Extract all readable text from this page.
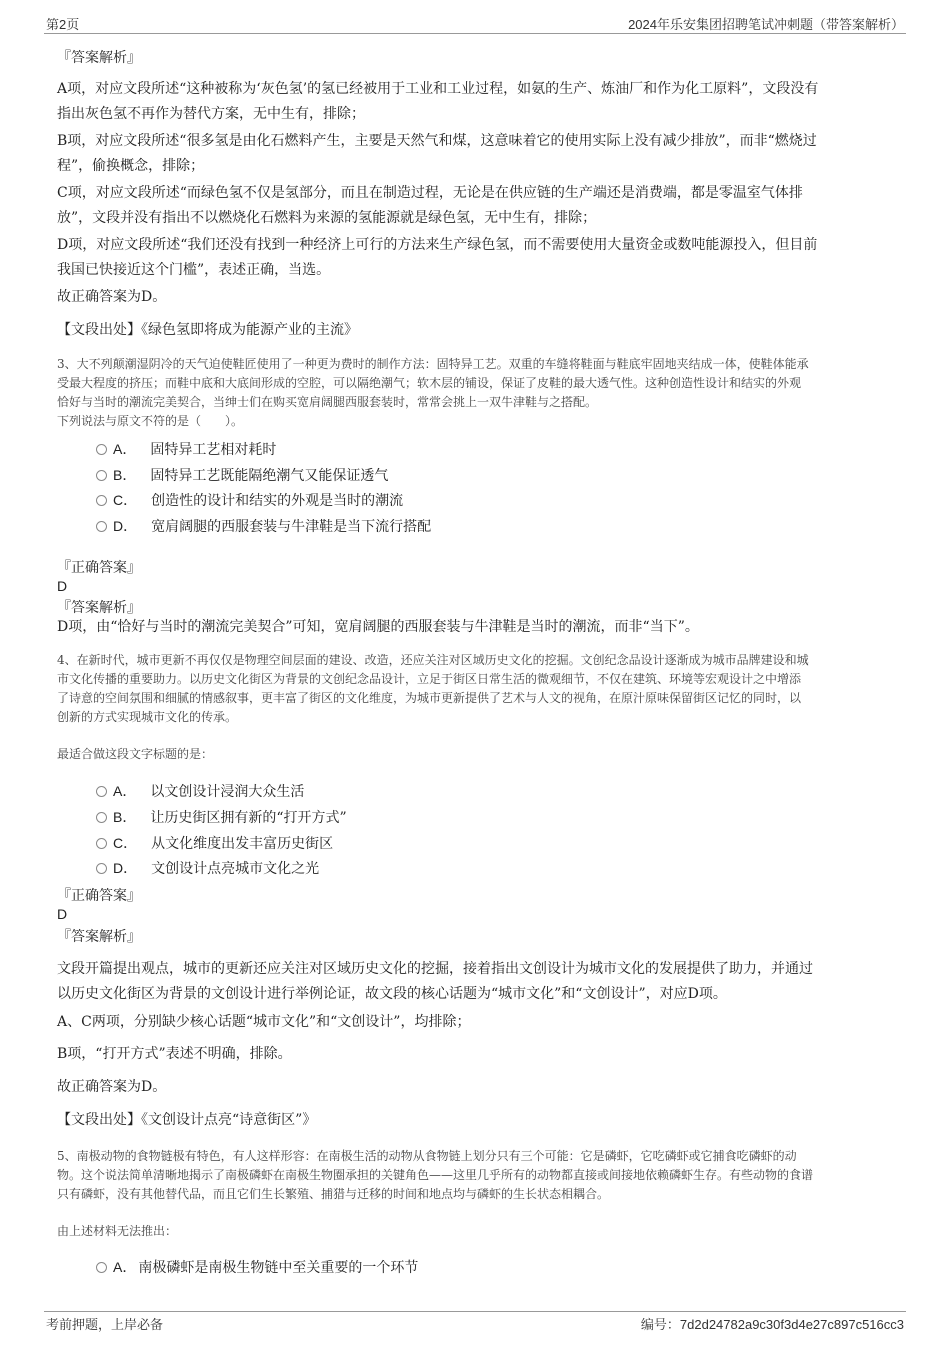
第2页	2024年乐安集团招聘笔试冲刺题（带答案解析）
『答案解析』
A项，对应文段所述“这种被称为‘灰色氢’的氢已经被用于工业和工业过程，如氨的生产、炼油厂和作为化工原料”，文段没有
指出灰色氢不再作为替代方案，无中生有，排除；
B项，对应文段所述“很多氢是由化石燃料产生，主要是天然气和煤，这意味着它的使用实际上没有减少排放”，而非“燃烧过
程”，偷换概念，排除；
C项，对应文段所述“而绿色氢不仅是氢部分，而且在制造过程，无论是在供应链的生产端还是消费端，都是零温室气体排
放”，文段并没有指出不以燃烧化石燃料为来源的氢能源就是绿色氢，无中生有，排除；
D项，对应文段所述“我们还没有找到一种经济上可行的方法来生产绿色氢，而不需要使用大量资金或数吨能源投入，但目前
我国已快接近这个门槛”，表述正确，当选。
故正确答案为D。
【文段出处】《绿色氢即将成为能源产业的主流》
3、大不列颠潮湿阴冷的天气迫使鞋匠使用了一种更为费时的制作方法：固特异工艺。双重的车缝将鞋面与鞋底牢固地夹结成一体，使鞋体能承
受最大程度的挤压；而鞋中底和大底间形成的空腔，可以隔绝潮气；软木层的铺设，保证了皮鞋的最大透气性。这种创造性设计和结实的外观
恰好与当时的潮流完美契合，当绅士们在购买宽肩阔腿西服套装时，常常会挑上一双牛津鞋与之搭配。
下列说法与原文不符的是（　　）。
A． 固特异工艺相对耗时
B． 固特异工艺既能隔绝潮气又能保证透气
C． 创造性的设计和结实的外观是当时的潮流
D． 宽肩阔腿的西服套装与牛津鞋是当下流行搭配
『正确答案』
D
『答案解析』
D项，由“恰好与当时的潮流完美契合”可知，宽肩阔腿的西服套装与牛津鞋是当时的潮流，而非“当下”。
4、在新时代，城市更新不再仅仅是物理空间层面的建设、改造，还应关注对区域历史文化的挖掘。文创纪念品设计逐渐成为城市品牌建设和城
市文化传播的重要助力。以历史文化街区为背景的文创纪念品设计，立足于街区日常生活的微观细节，不仅在建筑、环境等宏观设计之中增添
了诗意的空间氛围和细腻的情感叙事，更丰富了街区的文化维度，为城市更新提供了艺术与人文的视角，在原汁原味保留街区记忆的同时，以
创新的方式实现城市文化的传承。
最适合做这段文字标题的是：
A． 以文创设计浸润大众生活
B． 让历史街区拥有新的“打开方式”
C． 从文化维度出发丰富历史街区
D． 文创设计点亮城市文化之光
『正确答案』
D
『答案解析』
文段开篇提出观点，城市的更新还应关注对区域历史文化的挖掘，接着指出文创设计为城市文化的发展提供了助力，并通过
以历史文化街区为背景的文创设计进行举例论证，故文段的核心话题为“城市文化”和“文创设计”，对应D项。
A、C两项，分别缺少核心话题“城市文化”和“文创设计”，均排除；
B项，“打开方式”表述不明确，排除。
故正确答案为D。
【文段出处】《文创设计点亮“诗意街区”》
5、南极动物的食物链极有特色，有人这样形容：在南极生活的动物从食物链上划分只有三个可能：它是磷虾，它吃磷虾或它捕食吃磷虾的动
物。这个说法简单清晰地揭示了南极磷虾在南极生物圈承担的关键角色——这里几乎所有的动物都直接或间接地依赖磷虾生存。有些动物的食谱
只有磷虾，没有其他替代品，而且它们生长繁殖、捕猎与迁移的时间和地点均与磷虾的生长状态相耦合。
由上述材料无法推出：
A． 南极磷虾是南极生物链中至关重要的一个环节
考前押题，上岸必备	编号：7d2d24782a9c30f3d4e27c897c516cc3
